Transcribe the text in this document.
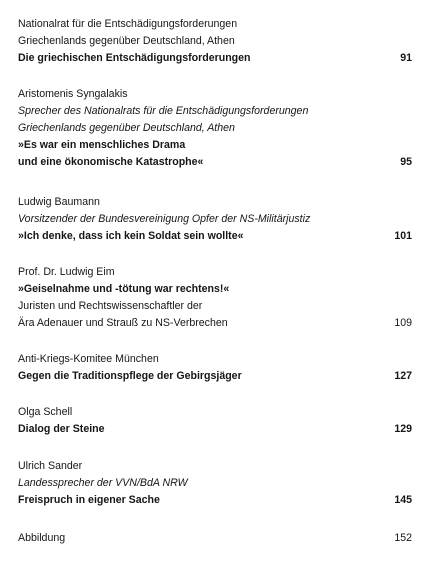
Nationalrat für die Entschädigungsforderungen
Griechenlands gegenüber Deutschland, Athen
Die griechischen Entschädigungsforderungen	91
Aristomenis Syngalakis
Sprecher des Nationalrats für die Entschädigungsforderungen
Griechenlands gegenüber Deutschland, Athen
»Es war ein menschliches Drama
und eine ökonomische Katastrophe«	95
Ludwig Baumann
Vorsitzender der Bundesvereinigung Opfer der NS-Militärjustiz
»Ich denke, dass ich kein Soldat sein wollte«	101
Prof. Dr. Ludwig Eim
»Geiselnahme und -tötung war rechtens!«
Juristen und Rechtswissenschaftler der
Ära Adenauer und Strauß zu NS-Verbrechen	109
Anti-Kriegs-Komitee München
Gegen die Traditionspflege der Gebirgsjäger	127
Olga Schell
Dialog der Steine	129
Ulrich Sander
Landessprecher der VVN/BdA NRW
Freispruch in eigener Sache	145
Abbildung	152
